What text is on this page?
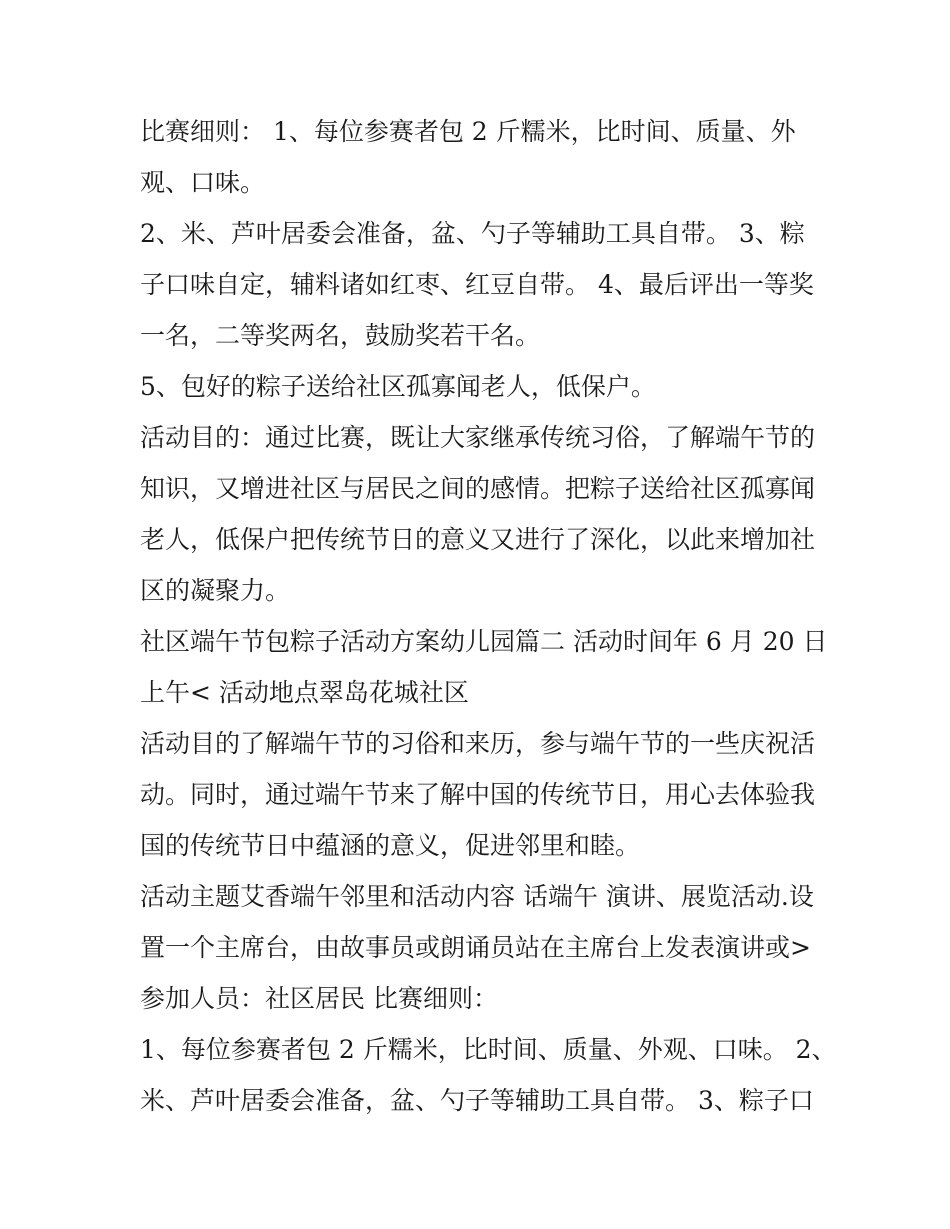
比赛细则： 1、每位参赛者包 2 斤糯米，比时间、质量、外
观、口味。
2、米、芦叶居委会准备，盆、勺子等辅助工具自带。 3、粽
子口味自定，辅料诸如红枣、红豆自带。 4、最后评出一等奖
一名，二等奖两名，鼓励奖若干名。
5、包好的粽子送给社区孤寡闻老人，低保户。
活动目的：通过比赛，既让大家继承传统习俗，了解端午节的
知识，又增进社区与居民之间的感情。把粽子送给社区孤寡闻
老人，低保户把传统节日的意义又进行了深化，以此来增加社
区的凝聚力。
社区端午节包粽子活动方案幼儿园篇二 活动时间年 6 月 20 日
上午< 活动地点翠岛花城社区
活动目的了解端午节的习俗和来历，参与端午节的一些庆祝活
动。同时，通过端午节来了解中国的传统节日，用心去体验我
国的传统节日中蕴涵的意义，促进邻里和睦。
活动主题艾香端午邻里和活动内容 话端午 演讲、展览活动.设
置一个主席台，由故事员或朗诵员站在主席台上发表演讲或>
参加人员：社区居民 比赛细则：
1、每位参赛者包 2 斤糯米，比时间、质量、外观、口味。 2、
米、芦叶居委会准备，盆、勺子等辅助工具自带。 3、粽子口
